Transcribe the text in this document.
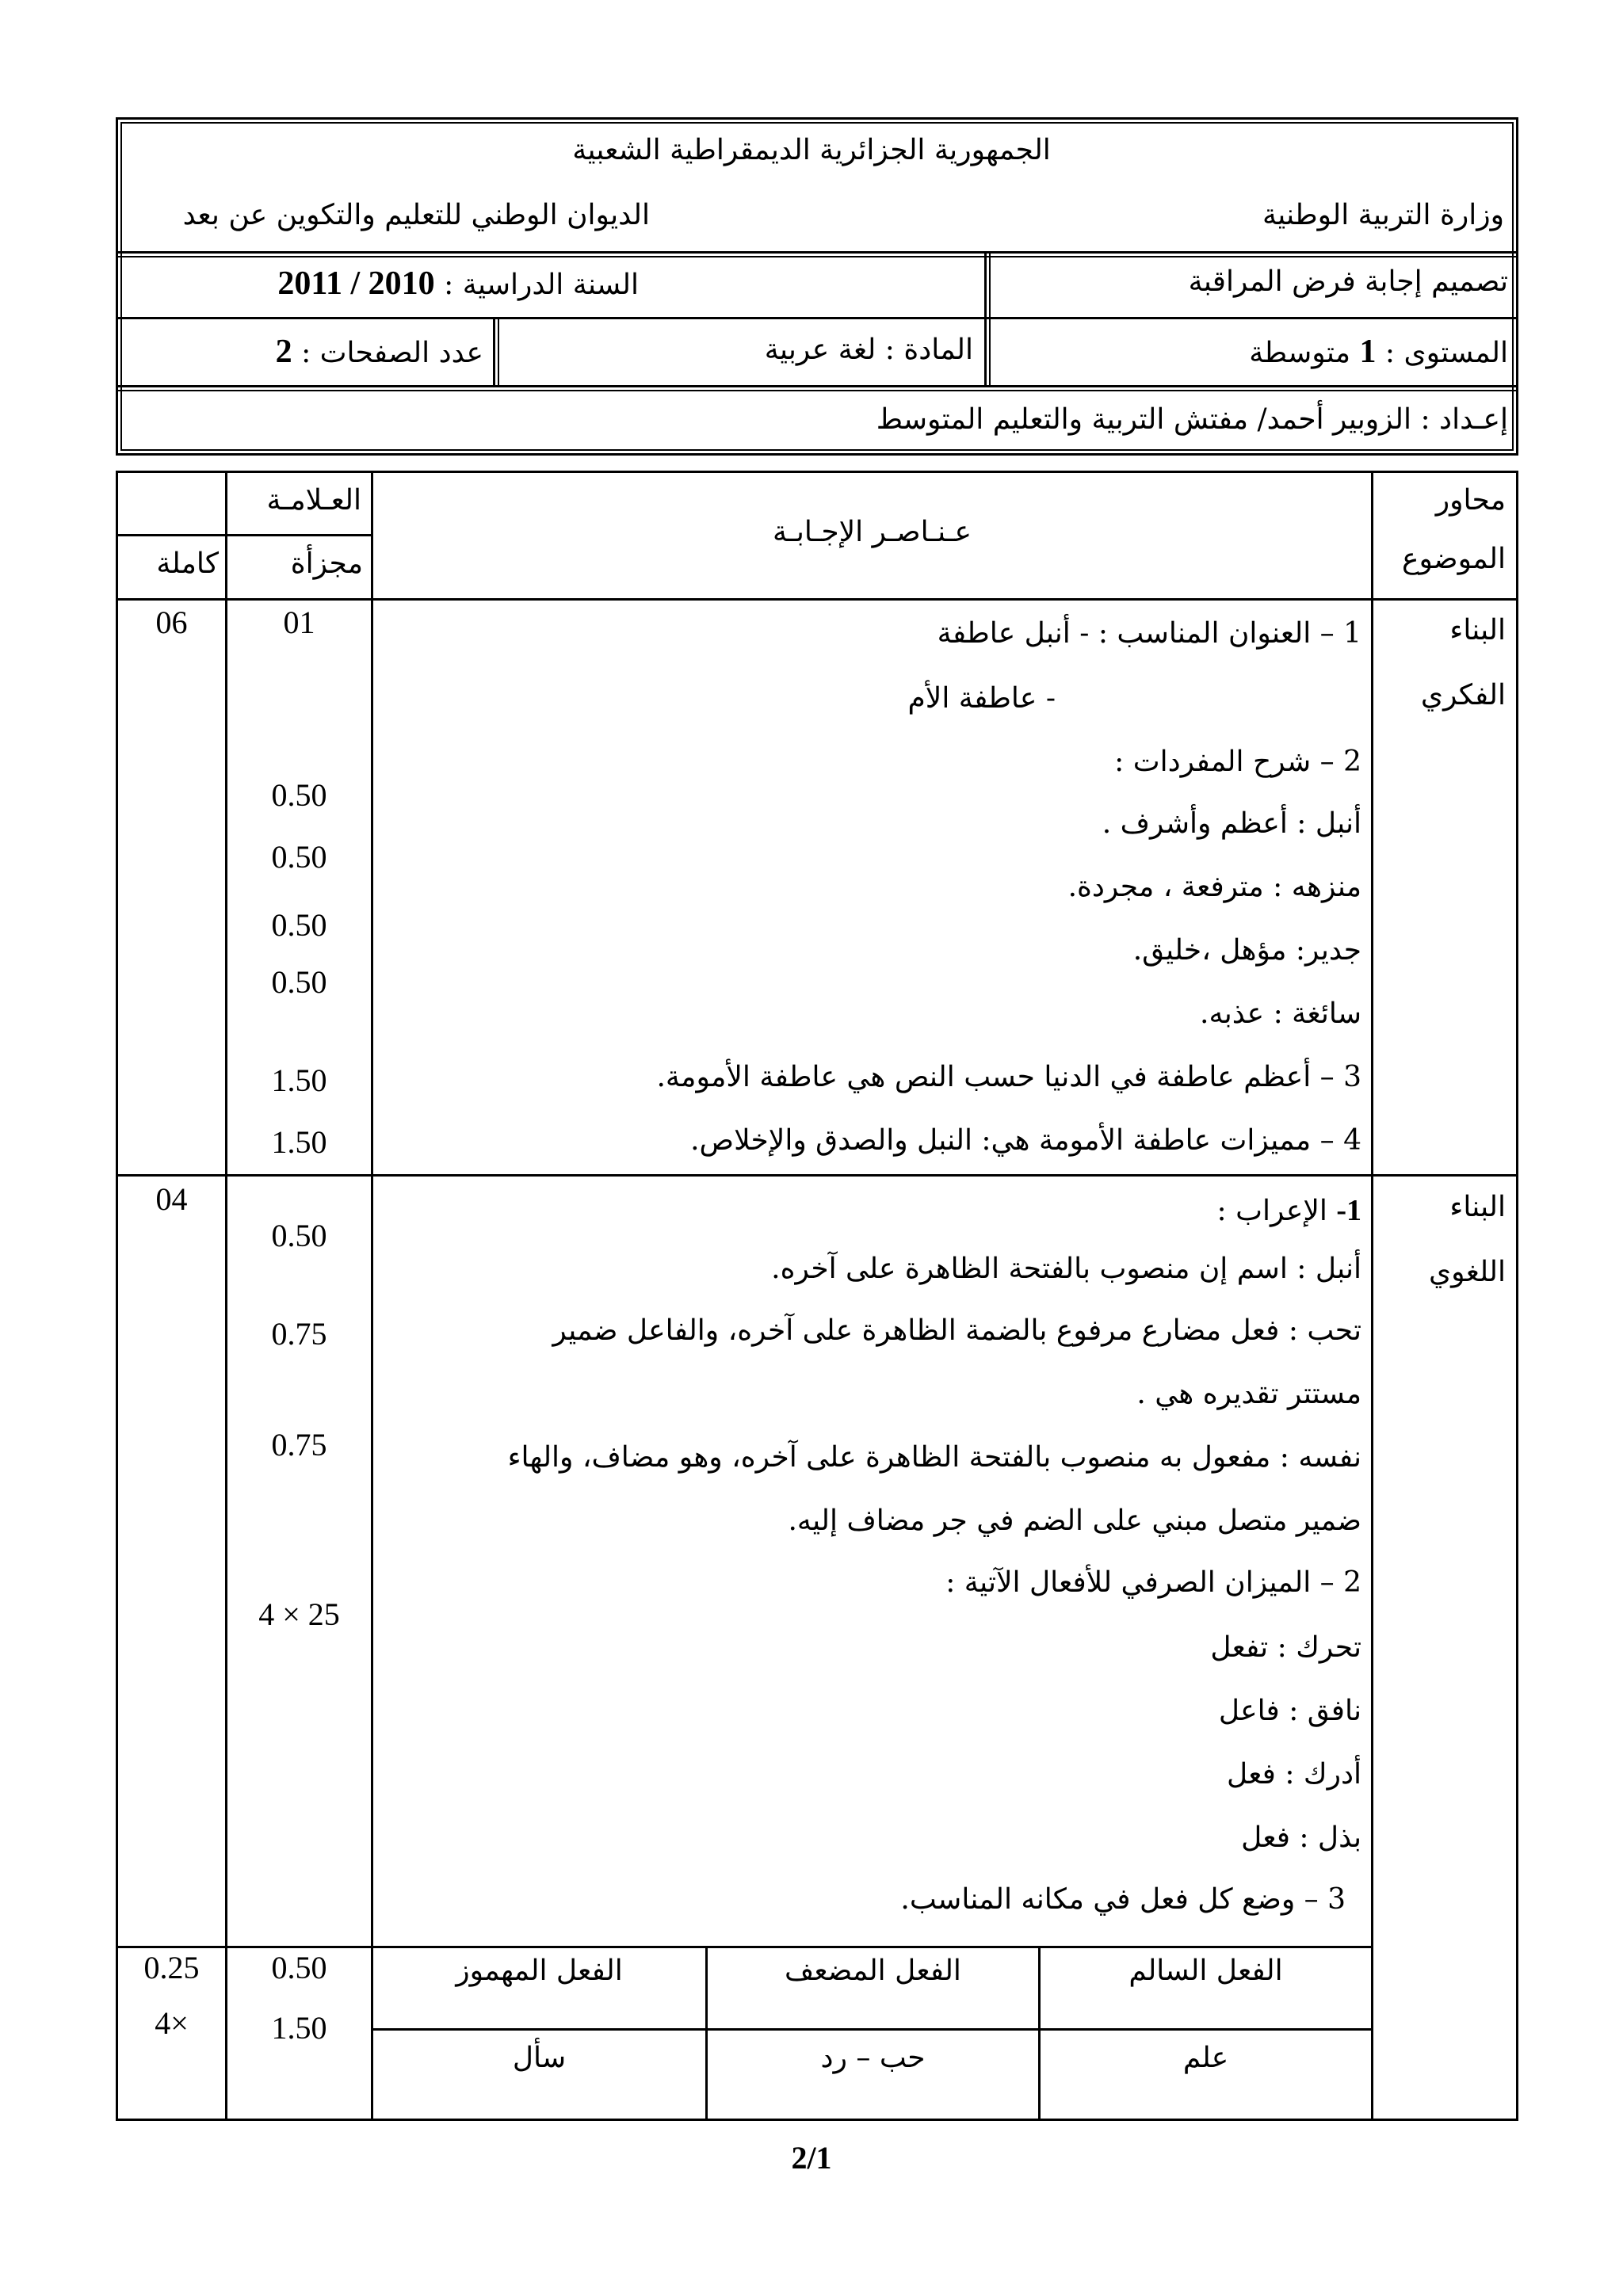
الجمهورية الجزائرية الديمقراطية الشعبية
وزارة التربية الوطنية
الديوان الوطني للتعليم والتكوين عن بعد
تصميم إجابة فرض المراقبة
السنة الدراسية : 2011 / 2010
المستوى : 1 متوسطة
المادة : لغة عربية
عدد الصفحات : 2
إعـداد : الزوبير أحمد/ مفتش التربية والتعليم المتوسط
محاور
الموضوع
عـنـاصـر الإجـابـة
العـلامـة
مجزأة
كاملة
البناء
الفكري
06	1 – العنوان المناسب : - أنبل عاطفة
- عاطفة الأم
2 – شرح المفردات :
أنبل : أعظم وأشرف .
منزهه : مترفعة ، مجردة.
جدير: مؤهل ،خليق.
سائغة : عذبه.
3 – أعظم عاطفة في الدنيا حسب النص هي عاطفة الأمومة.
4 – مميزات عاطفة الأمومة هي: النبل والصدق والإخلاص.
01
0.50
0.50
0.50
0.50
1.50
1.50
البناء
اللغوي
04	1- الإعراب :
أنبل : اسم إن منصوب بالفتحة الظاهرة على آخره.
تحب : فعل مضارع مرفوع بالضمة الظاهرة على آخره، والفاعل ضمير
مستتر تقديره هي .
نفسه : مفعول به منصوب بالفتحة الظاهرة على آخره، وهو مضاف، والهاء
ضمير متصل مبني على الضم في جر مضاف إليه.
2 – الميزان الصرفي للأفعال الآتية :
تحرك : تفعل
نافق : فاعل
أدرك : فعل
بذل : فعل
3 – وضع كل فعل في مكانه المناسب.
0.50
0.75
0.75
4 × 25
0.25
4×
0.50
1.50
الفعل السالم
الفعل المضعف
الفعل المهموز
علم
حب – رد
سأل
2/1
